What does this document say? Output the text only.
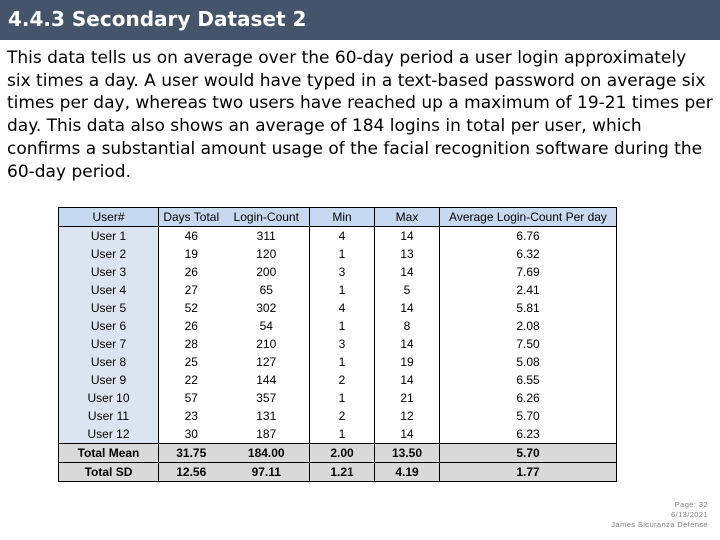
4.4.3 Secondary Dataset 2

This data tells us on average over the 60-day period a user login approximately six times a day. A user would have typed in a text-based password on average six times per day, whereas two users have reached up a maximum of 19-21 times per day. This data also shows an average of 184 logins in total per user, which confirms a substantial amount usage of the facial recognition software during the 60-day period.

User#	Days Total	Login-Count	Min	Max	Average Login-Count Per day
User 1	46	311	4	14	6.76
User 2	19	120	1	13	6.32
User 3	26	200	3	14	7.69
User 4	27	65	1	5	2.41
User 5	52	302	4	14	5.81
User 6	26	54	1	8	2.08
User 7	28	210	3	14	7.50
User 8	25	127	1	19	5.08
User 9	22	144	2	14	6.55
User 10	57	357	1	21	6.26
User 11	23	131	2	12	5.70
User 12	30	187	1	14	6.23
Total Mean	31.75	184.00	2.00	13.50	5.70
Total SD	12.56	97.11	1.21	4.19	1.77
Page: 32
6/13/2021
James Sicuranza Defense
